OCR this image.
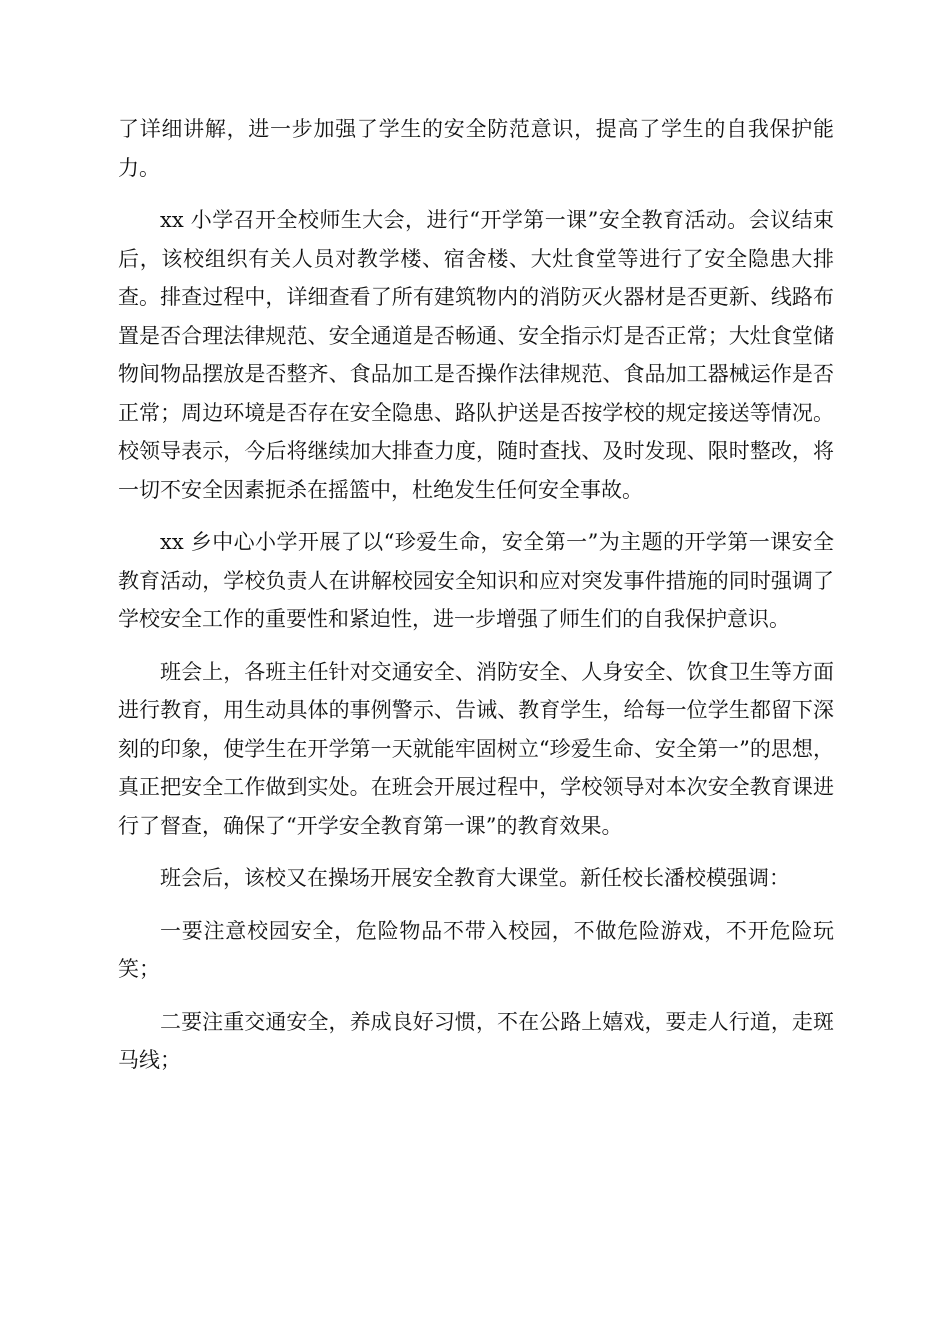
了详细讲解，进一步加强了学生的安全防范意识，提高了学生的自我保护能力。

xx 小学召开全校师生大会，进行“开学第一课”安全教育活动。会议结束后，该校组织有关人员对教学楼、宿舍楼、大灶食堂等进行了安全隐患大排查。排查过程中，详细查看了所有建筑物内的消防灭火器材是否更新、线路布置是否合理法律规范、安全通道是否畅通、安全指示灯是否正常；大灶食堂储物间物品摆放是否整齐、食品加工是否操作法律规范、食品加工器械运作是否正常；周边环境是否存在安全隐患、路队护送是否按学校的规定接送等情况。校领导表示，今后将继续加大排查力度，随时查找、及时发现、限时整改，将一切不安全因素扼杀在摇篮中，杜绝发生任何安全事故。

xx 乡中心小学开展了以“珍爱生命，安全第一”为主题的开学第一课安全教育活动，学校负责人在讲解校园安全知识和应对突发事件措施的同时强调了学校安全工作的重要性和紧迫性，进一步增强了师生们的自我保护意识。

班会上，各班主任针对交通安全、消防安全、人身安全、饮食卫生等方面进行教育，用生动具体的事例警示、告诫、教育学生，给每一位学生都留下深刻的印象，使学生在开学第一天就能牢固树立“珍爱生命、安全第一”的思想，真正把安全工作做到实处。在班会开展过程中，学校领导对本次安全教育课进行了督查，确保了“开学安全教育第一课”的教育效果。

班会后，该校又在操场开展安全教育大课堂。新任校长潘校模强调：

一要注意校园安全，危险物品不带入校园，不做危险游戏，不开危险玩笑；

二要注重交通安全，养成良好习惯，不在公路上嬉戏，要走人行道，走斑马线；
